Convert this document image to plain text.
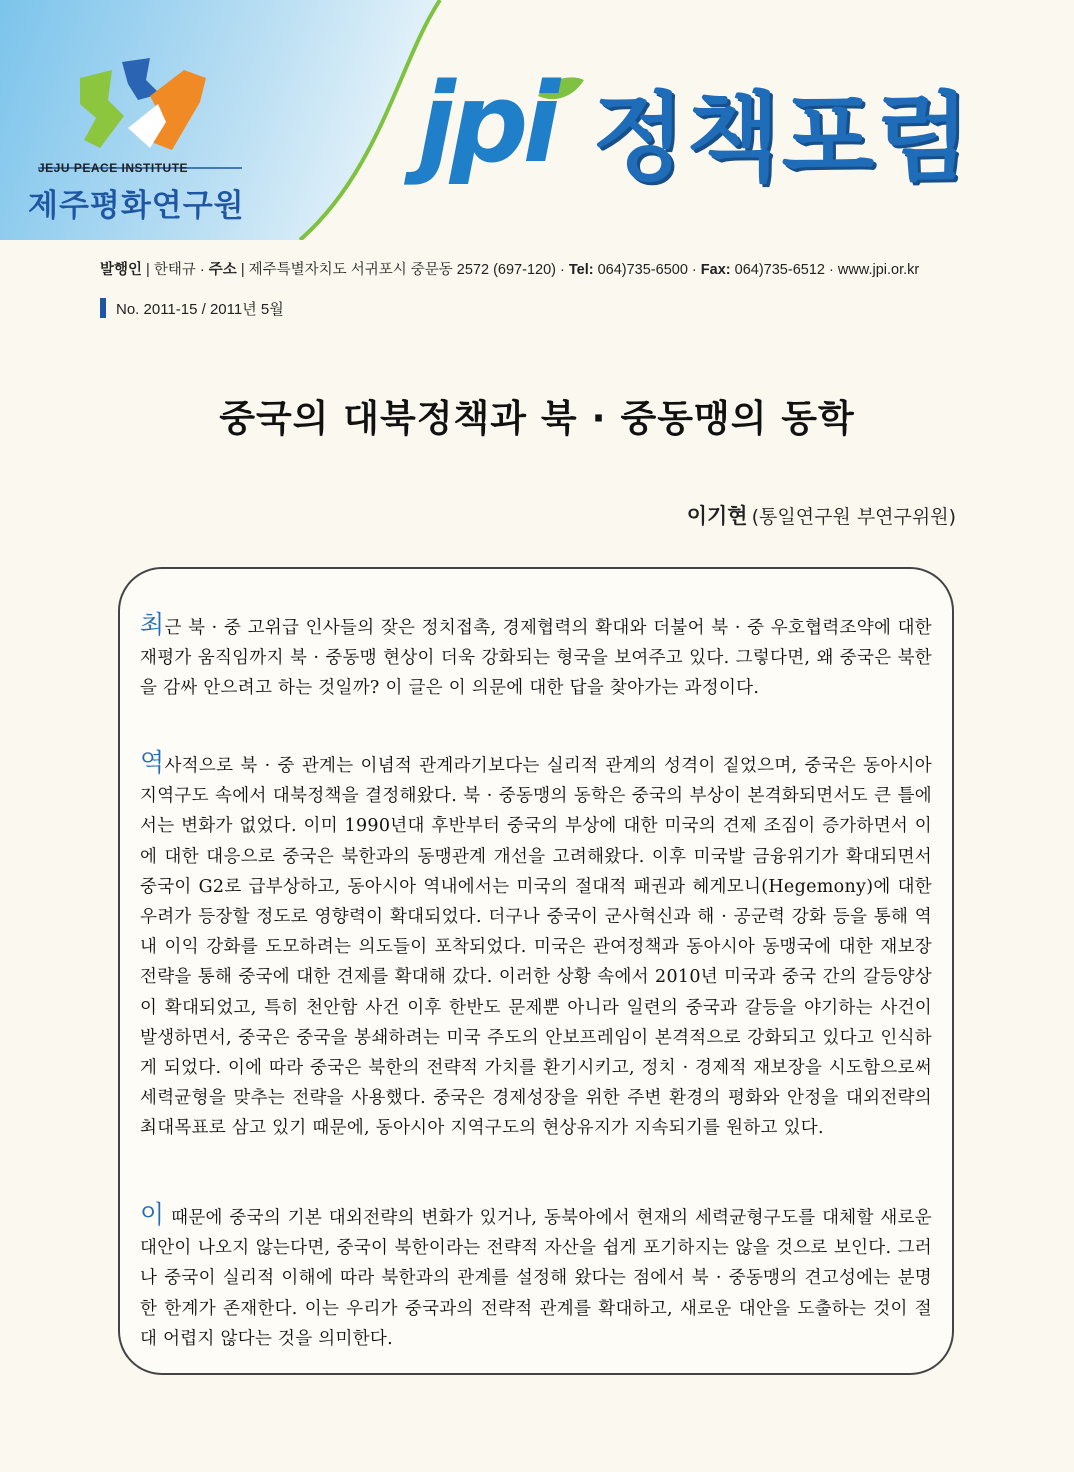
JEJU PEACE INSTITUTE
제주평화연구원
jpi 정책포럼
발행인 | 한태규 · 주소 | 제주특별자치도 서귀포시 중문동 2572 (697-120) · Tel: 064)735-6500 · Fax: 064)735-6512 · www.jpi.or.kr
No. 2011-15 / 2011년 5월
중국의 대북정책과 북 · 중동맹의 동학
이기현 (통일연구원 부연구위원)
최근 북 · 중 고위급 인사들의 잦은 정치접촉, 경제협력의 확대와 더불어 북 · 중 우호협력조약에 대한 재평가 움직임까지 북 · 중동맹 현상이 더욱 강화되는 형국을 보여주고 있다. 그렇다면, 왜 중국은 북한을 감싸 안으려고 하는 것일까? 이 글은 이 의문에 대한 답을 찾아가는 과정이다.
역사적으로 북 · 중 관계는 이념적 관계라기보다는 실리적 관계의 성격이 짙었으며, 중국은 동아시아 지역구도 속에서 대북정책을 결정해왔다. 북 · 중동맹의 동학은 중국의 부상이 본격화되면서도 큰 틀에서는 변화가 없었다. 이미 1990년대 후반부터 중국의 부상에 대한 미국의 견제 조짐이 증가하면서 이에 대한 대응으로 중국은 북한과의 동맹관계 개선을 고려해왔다. 이후 미국발 금융위기가 확대되면서 중국이 G2로 급부상하고, 동아시아 역내에서는 미국의 절대적 패권과 헤게모니(Hegemony)에 대한 우려가 등장할 정도로 영향력이 확대되었다. 더구나 중국이 군사혁신과 해 · 공군력 강화 등을 통해 역내 이익 강화를 도모하려는 의도들이 포착되었다. 미국은 관여정책과 동아시아 동맹국에 대한 재보장 전략을 통해 중국에 대한 견제를 확대해 갔다. 이러한 상황 속에서 2010년 미국과 중국 간의 갈등양상이 확대되었고, 특히 천안함 사건 이후 한반도 문제뿐 아니라 일련의 중국과 갈등을 야기하는 사건이 발생하면서, 중국은 중국을 봉쇄하려는 미국 주도의 안보프레임이 본격적으로 강화되고 있다고 인식하게 되었다. 이에 따라 중국은 북한의 전략적 가치를 환기시키고, 정치 · 경제적 재보장을 시도함으로써 세력균형을 맞추는 전략을 사용했다. 중국은 경제성장을 위한 주변 환경의 평화와 안정을 대외전략의 최대목표로 삼고 있기 때문에, 동아시아 지역구도의 현상유지가 지속되기를 원하고 있다.
이 때문에 중국의 기본 대외전략의 변화가 있거나, 동북아에서 현재의 세력균형구도를 대체할 새로운 대안이 나오지 않는다면, 중국이 북한이라는 전략적 자산을 쉽게 포기하지는 않을 것으로 보인다. 그러나 중국이 실리적 이해에 따라 북한과의 관계를 설정해 왔다는 점에서 북 · 중동맹의 견고성에는 분명한 한계가 존재한다. 이는 우리가 중국과의 전략적 관계를 확대하고, 새로운 대안을 도출하는 것이 절대 어렵지 않다는 것을 의미한다.
